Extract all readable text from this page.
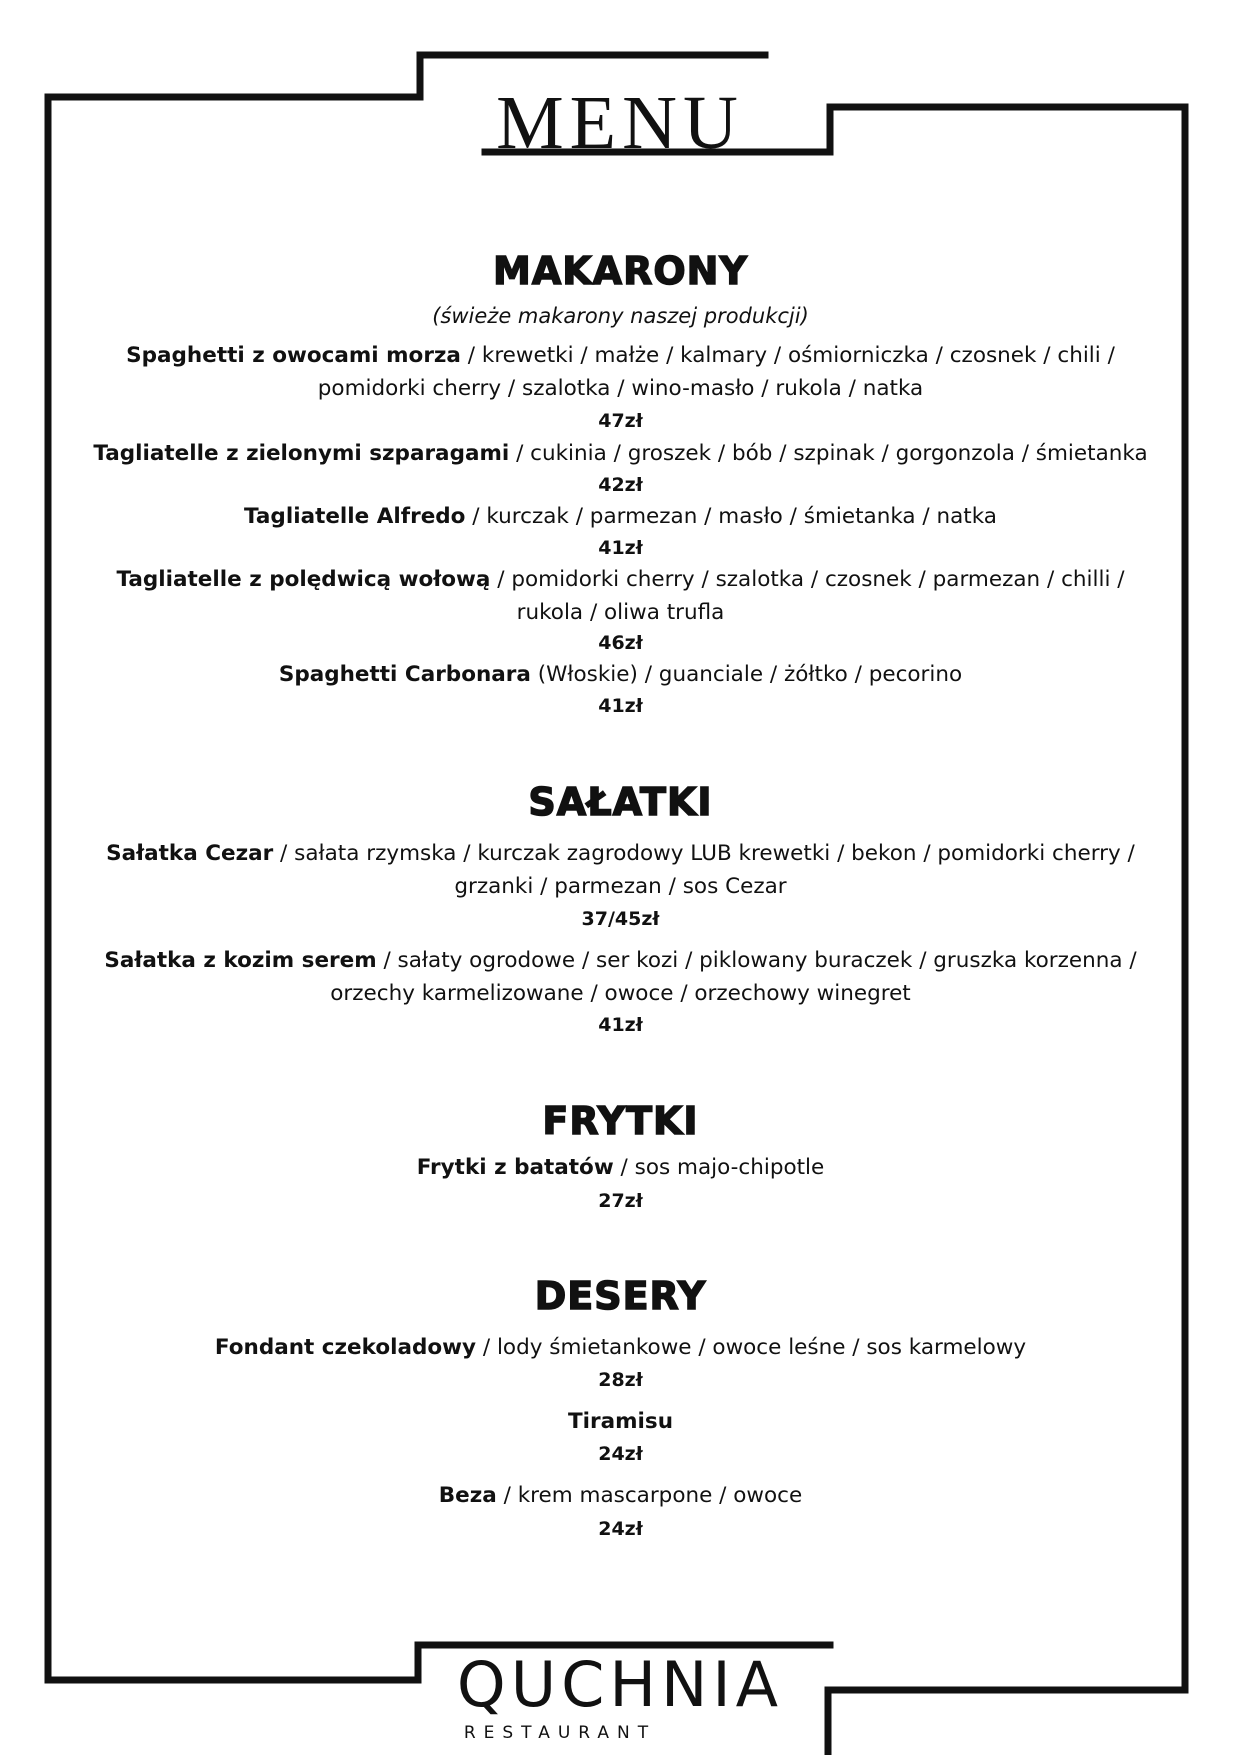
MENU
MAKARONY
(świeże makarony naszej produkcji)
Spaghetti z owocami morza / krewetki / małże / kalmary / ośmiorniczka / czosnek / chili / pomidorki cherry / szalotka / wino-masło / rukola / natka
47zł
Tagliatelle z zielonymi szparagami / cukinia / groszek / bób / szpinak / gorgonzola / śmietanka
42zł
Tagliatelle Alfredo / kurczak / parmezan / masło / śmietanka / natka
41zł
Tagliatelle z polędwicą wołową / pomidorki cherry / szalotka / czosnek / parmezan / chilli / rukola / oliwa trufla
46zł
Spaghetti Carbonara (Włoskie) / guanciale / żółtko / pecorino
41zł
SAŁATKI
Sałatka Cezar / sałata rzymska / kurczak zagrodowy LUB krewetki / bekon / pomidorki cherry / grzanki / parmezan / sos Cezar
37/45zł
Sałatka z kozim serem / sałaty ogrodowe / ser kozi / piklowany buraczek / gruszka korzenna / orzechy karmelizowane / owoce / orzechowy winegret
41zł
FRYTKI
Frytki z batatów / sos majo-chipotle
27zł
DESERY
Fondant czekoladowy / lody śmietankowe / owoce leśne / sos karmelowy
28zł
Tiramisu
24zł
Beza / krem mascarpone / owoce
24zł
QUCHNIA
RESTAURANT
